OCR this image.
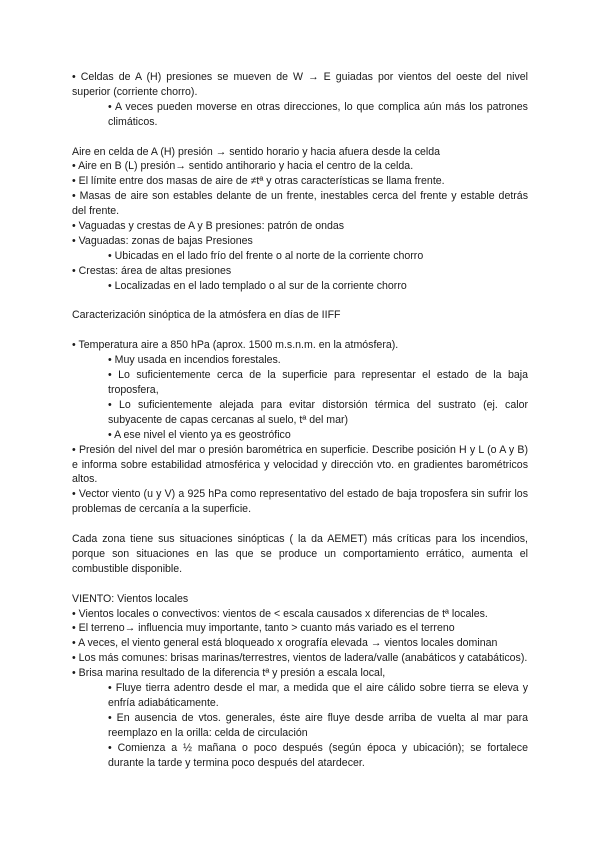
• Celdas de A (H) presiones se mueven de W → E guiadas por vientos del oeste del nivel superior (corriente chorro).

• A veces pueden moverse en otras direcciones, lo que complica aún más los patrones climáticos.

Aire en celda de A (H) presión → sentido horario y hacia afuera desde la celda

• Aire en B (L) presión→ sentido antihorario y hacia el centro de la celda.

• El límite entre dos masas de aire de ≠tª y otras características se llama frente.

• Masas de aire son estables delante de un frente, inestables cerca del frente y estable detrás del frente.

• Vaguadas y crestas de A y B presiones: patrón de ondas

• Vaguadas: zonas de bajas Presiones

• Ubicadas en el lado frío del frente o al norte de la corriente chorro

• Crestas: área de altas presiones

• Localizadas en el lado templado o al sur de la corriente chorro

Caracterización sinóptica de la atmósfera en días de IIFF

• Temperatura aire a 850 hPa (aprox. 1500 m.s.n.m. en la atmósfera).

• Muy usada en incendios forestales.

• Lo suficientemente cerca de la superficie para representar el estado de la baja troposfera,

• Lo suficientemente alejada para evitar distorsión térmica del sustrato (ej. calor subyacente de capas cercanas al suelo, tª del mar)

• A ese nivel el viento ya es geostrófico

• Presión del nivel del mar o presión barométrica en superficie. Describe posición H y L (o A y B) e informa sobre estabilidad atmosférica y velocidad y dirección vto. en gradientes barométricos altos.

• Vector viento (u y V) a 925 hPa como representativo del estado de baja troposfera sin sufrir los problemas de cercanía a la superficie.

Cada zona tiene sus situaciones sinópticas ( la da AEMET) más críticas para los incendios, porque son situaciones en las que se produce un comportamiento errático, aumenta el combustible disponible.

VIENTO: Vientos locales

• Vientos locales o convectivos: vientos de < escala causados x diferencias de tª locales.

• El terreno→ influencia muy importante, tanto > cuanto más variado es el terreno

• A veces, el viento general está bloqueado x orografía elevada → vientos locales dominan

• Los más comunes: brisas marinas/terrestres, vientos de ladera/valle (anabáticos y catabáticos).

• Brisa marina resultado de la diferencia tª y presión a escala local,

• Fluye tierra adentro desde el mar, a medida que el aire cálido sobre tierra se eleva y enfría adiabáticamente.

• En ausencia de vtos. generales, éste aire fluye desde arriba de vuelta al mar para reemplazo en la orilla: celda de circulación

• Comienza a ½ mañana o poco después (según época y ubicación); se fortalece durante la tarde y termina poco después del atardecer.
